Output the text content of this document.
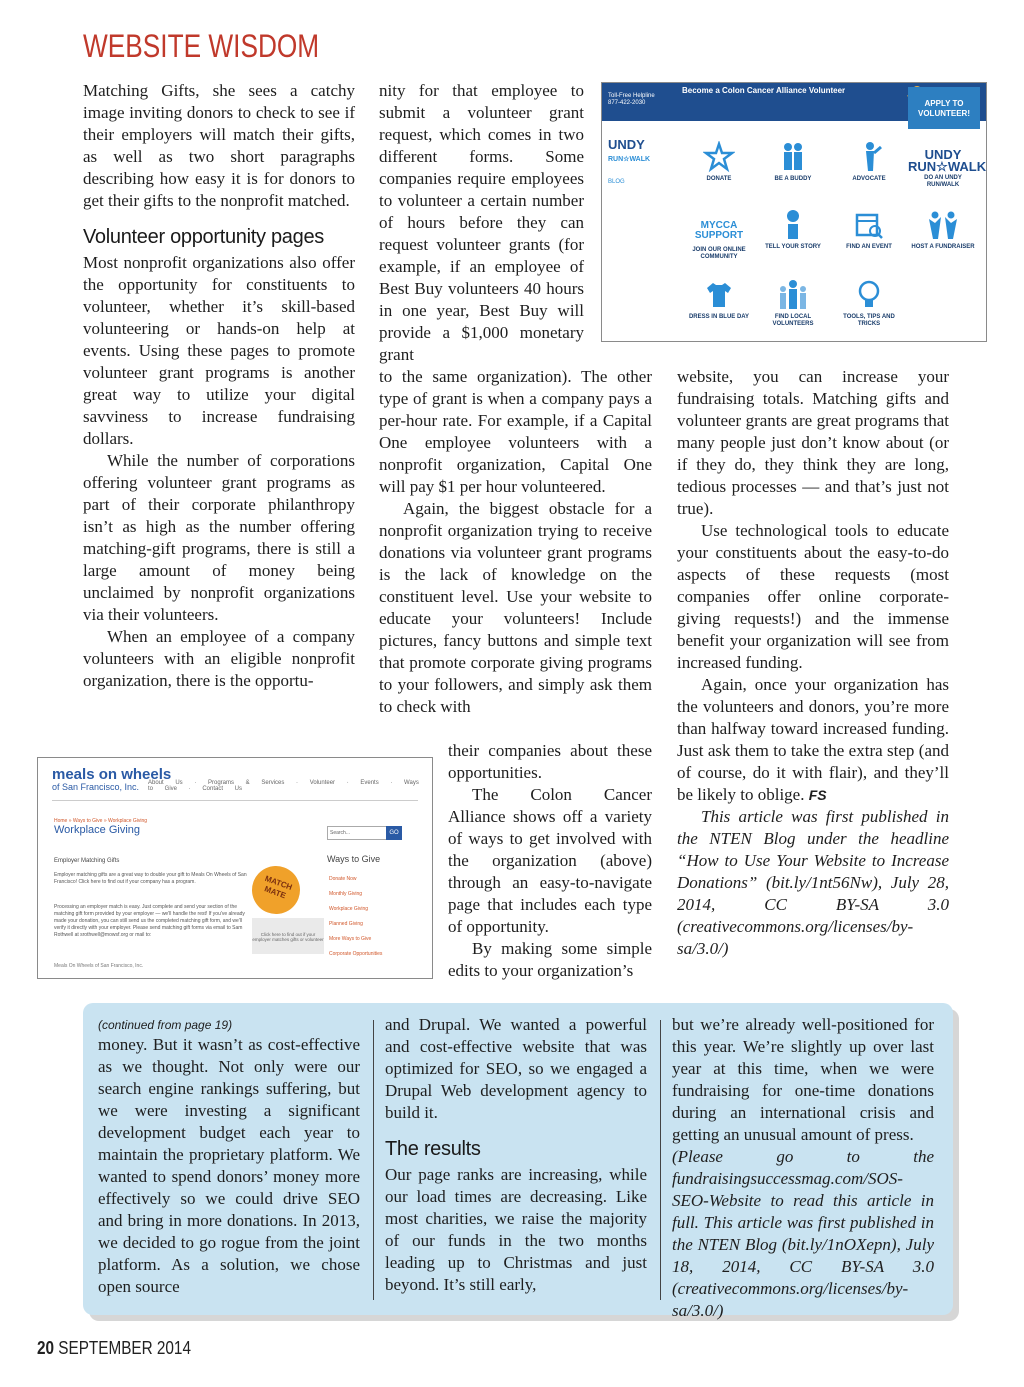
WEBSITE WISDOM

Matching Gifts, she sees a catchy image inviting donors to check to see if their employers will match their gifts, as well as two short paragraphs describing how easy it is for donors to get their gifts to the nonprofit matched.

Volunteer opportunity pages

Most nonprofit organizations also offer the opportunity for constituents to volunteer, whether it’s skill-based volunteering or hands-on help at events. Using these pages to promote volunteer grant programs is another great way to utilize your digital savviness to increase fundraising dollars.

While the number of corporations offering volunteer grant programs as part of their corporate philanthropy isn’t as high as the number offering matching-gift programs, there is still a large amount of money being unclaimed by nonprofit organizations via their volunteers.

When an employee of a company volunteers with an eligible nonprofit organization, there is the opportu-

nity for that employee to submit a volunteer grant request, which comes in two different forms. Some companies require employees to volunteer a certain number of hours before they can request volunteer grants (for example, if an employee of Best Buy volunteers 40 hours in one year, Best Buy will provide a $1,000 monetary grant

to the same organization). The other type of grant is when a company pays a per-hour rate. For example, if a Capital One employee volunteers with a nonprofit organization, Capital One will pay $1 per hour volunteered.

Again, the biggest obstacle for a nonprofit organization trying to receive donations via volunteer grant programs is the lack of knowledge on the constituent level. Use your website to educate your volunteers! Include pictures, fancy buttons and simple text that promote corporate giving programs to your followers, and simply ask them to check with

their companies about these opportunities.

The Colon Cancer Alliance shows off a variety of ways to get involved with the organization (above) through an easy-to-navigate page that includes each type of opportunity.

By making some simple edits to your organization’s

website, you can increase your fundraising totals. Matching gifts and volunteer grants are great programs that many people just don’t know about (or if they do, they think they are long, tedious processes — and that’s just not true).

Use technological tools to educate your constituents about the easy-to-do aspects of these requests (most companies offer online corporate-giving requests!) and the immense benefit your organization will see from increased funding.

Again, once your organization has the volunteers and donors, you’re more than halfway toward increased funding. Just ask them to take the extra step (and of course, do it with flair), and they’ll be likely to oblige. FS

This article was first published in the NTEN Blog under the headline “How to Use Your Website to Increase Donations” (bit.ly/1nt56Nw), July 28, 2014, CC BY-SA 3.0 (creativecommons.org/licenses/by-sa/3.0/)

Become a Colon Cancer Alliance Volunteer
Toll-Free Helpline 877-422-2030	APPLY TO VOLUNTEER!
UNDY
RUN☆WALK
BLOG	DONATE	BE A BUDDY	ADVOCATE
UNDY RUN☆WALK
DO AN UNDY RUN/WALK
MYCCA SUPPORT
JOIN OUR ONLINE COMMUNITY
TELL YOUR STORY	FIND AN EVENT	HOST A FUNDRAISER
DRESS IN BLUE DAY	FIND LOCAL VOLUNTEERS
TOOLS, TIPS AND TRICKS
meals on wheels
of San Francisco, Inc.	About Us · Programs & Services · Volunteer · Events · Ways to Give · Contact Us
Home » Ways to Give » Workplace Giving
Workplace Giving	Search...	GO
Ways to Give
Donate Now
Monthly Giving
Workplace Giving
Planned Giving
More Ways to Give
Corporate Opportunities
Employer Matching Gifts
Employer matching gifts are a great way to double your gift to Meals On Wheels of San Francisco! Click here to find out if your company has a program.
Processing an employer match is easy. Just complete and send your section of the matching gift form provided by your employer — we'll handle the rest! If you've already made your donation, you can still send us the completed matching gift form, and we'll verify it directly with your employer. Please send matching gift forms via email to Sam Rothwell at srothwell@mowsf.org or mail to:
MATCH MATE
Click here to find out if your employer matches gifts or volunteer
Meals On Wheels of San Francisco, Inc.

(continued from page 19)

money. But it wasn’t as cost-effective as we thought. Not only were our search engine rankings suffering, but we were investing a significant development budget each year to maintain the proprietary platform. We wanted to spend donors’ money more effectively so we could drive SEO and bring in more donations. In 2013, we decided to go rogue from the joint platform. As a solution, we chose open source

and Drupal. We wanted a powerful and cost-effective website that was optimized for SEO, so we engaged a Drupal Web development agency to build it.

The results

Our page ranks are increasing, while our load times are decreasing. Like most charities, we raise the majority of our funds in the two months leading up to Christmas and just beyond. It’s still early,

but we’re already well-positioned for this year. We’re slightly up over last year at this time, when we were fundraising for one-time donations during an international crisis and getting an unusual amount of press.

(Please go to the fundraisingsuccessmag.com/SOS-SEO-Website to read this article in full. This article was first published in the NTEN Blog (bit.ly/1nOXepn), July 18, 2014, CC BY-SA 3.0 (creativecommons.org/licenses/by-sa/3.0/)

20 SEPTEMBER 2014
